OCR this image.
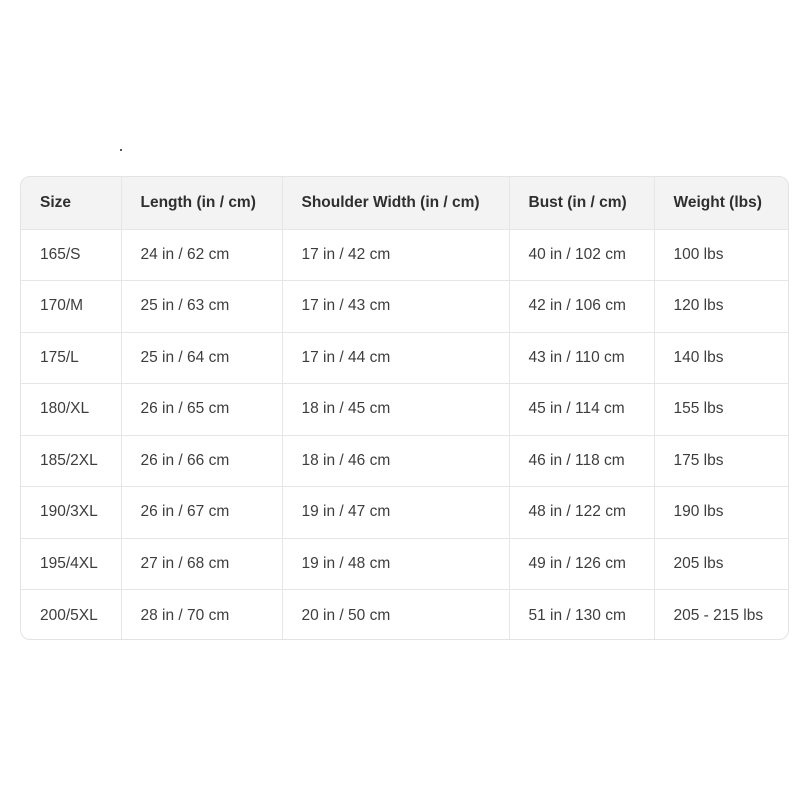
Size	Length (in / cm)	Shoulder Width (in / cm)	Bust (in / cm)	Weight (lbs)
165/S	24 in / 62 cm	17 in / 42 cm	40 in / 102 cm	100 lbs
170/M	25 in / 63 cm	17 in / 43 cm	42 in / 106 cm	120 lbs
175/L	25 in / 64 cm	17 in / 44 cm	43 in / 110 cm	140 lbs
180/XL	26 in / 65 cm	18 in / 45 cm	45 in / 114 cm	155 lbs
185/2XL	26 in / 66 cm	18 in / 46 cm	46 in / 118 cm	175 lbs
190/3XL	26 in / 67 cm	19 in / 47 cm	48 in / 122 cm	190 lbs
195/4XL	27 in / 68 cm	19 in / 48 cm	49 in / 126 cm	205 lbs
200/5XL	28 in / 70 cm	20 in / 50 cm	51 in / 130 cm	205 - 215 lbs
